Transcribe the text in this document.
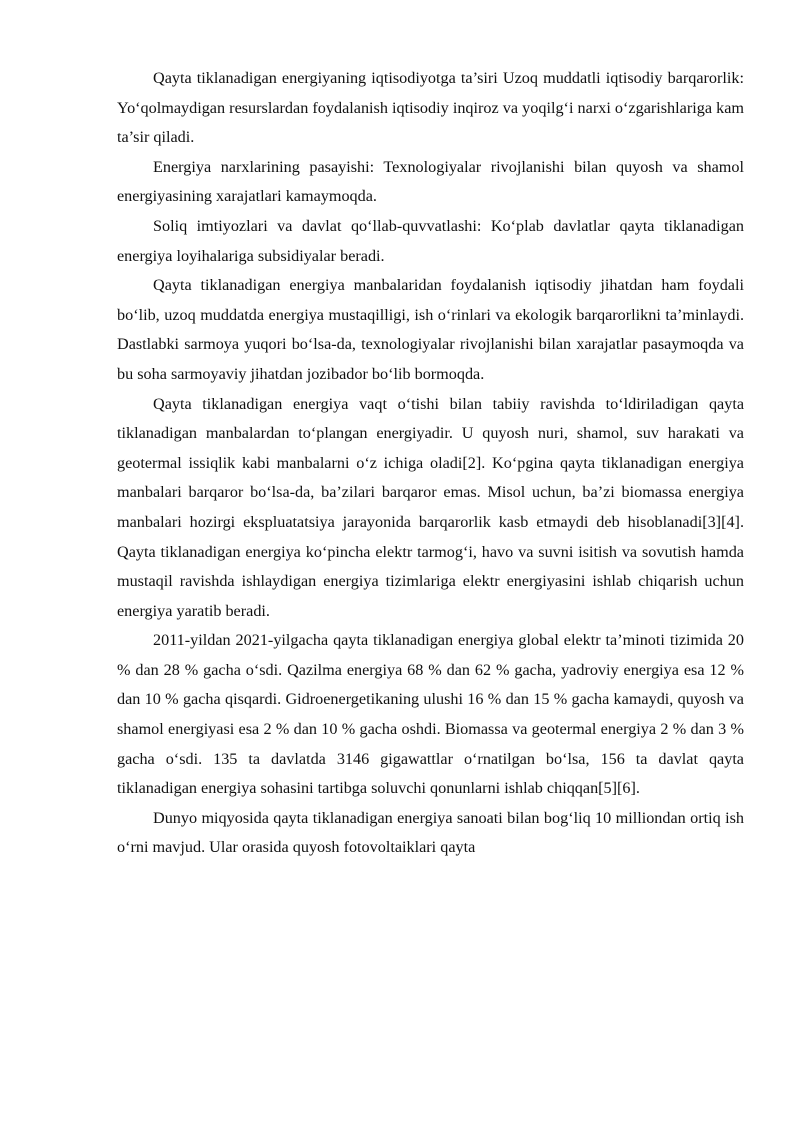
Qayta tiklanadigan energiyaning iqtisodiyotga ta’siri Uzoq muddatli iqtisodiy barqarorlik: Yo‘qolmaydigan resurslardan foydalanish iqtisodiy inqiroz va yoqilg‘i narxi o‘zgarishlariga kam ta’sir qiladi.

Energiya narxlarining pasayishi: Texnologiyalar rivojlanishi bilan quyosh va shamol energiyasining xarajatlari kamaymoqda.

Soliq imtiyozlari va davlat qo‘llab-quvvatlashi: Ko‘plab davlatlar qayta tiklanadigan energiya loyihalariga subsidiyalar beradi.

Qayta tiklanadigan energiya manbalaridan foydalanish iqtisodiy jihatdan ham foydali bo‘lib, uzoq muddatda energiya mustaqilligi, ish o‘rinlari va ekologik barqarorlikni ta’minlaydi. Dastlabki sarmoya yuqori bo‘lsa-da, texnologiyalar rivojlanishi bilan xarajatlar pasaymoqda va bu soha sarmoyaviy jihatdan jozibador bo‘lib bormoqda.

Qayta tiklanadigan energiya vaqt o‘tishi bilan tabiiy ravishda to‘ldiriladigan qayta tiklanadigan manbalardan to‘plangan energiyadir. U quyosh nuri, shamol, suv harakati va geotermal issiqlik kabi manbalarni o‘z ichiga oladi[2]. Ko‘pgina qayta tiklanadigan energiya manbalari barqaror bo‘lsa-da, ba’zilari barqaror emas. Misol uchun, ba’zi biomassa energiya manbalari hozirgi ekspluatatsiya jarayonida barqarorlik kasb etmaydi deb hisoblanadi[3][4]. Qayta tiklanadigan energiya ko‘pincha elektr tarmog‘i, havo va suvni isitish va sovutish hamda mustaqil ravishda ishlaydigan energiya tizimlariga elektr energiyasini ishlab chiqarish uchun energiya yaratib beradi.

2011-yildan 2021-yilgacha qayta tiklanadigan energiya global elektr ta’minoti tizimida 20 % dan 28 % gacha o‘sdi. Qazilma energiya 68 % dan 62 % gacha, yadroviy energiya esa 12 % dan 10 % gacha qisqardi. Gidroenergetikaning ulushi 16 % dan 15 % gacha kamaydi, quyosh va shamol energiyasi esa 2 % dan 10 % gacha oshdi. Biomassa va geotermal energiya 2 % dan 3 % gacha o‘sdi. 135 ta davlatda 3146 gigawattlar o‘rnatilgan bo‘lsa, 156 ta davlat qayta tiklanadigan energiya sohasini tartibga soluvchi qonunlarni ishlab chiqqan[5][6].

Dunyo miqyosida qayta tiklanadigan energiya sanoati bilan bog‘liq 10 milliondan ortiq ish o‘rni mavjud. Ular orasida quyosh fotovoltaiklari qayta
